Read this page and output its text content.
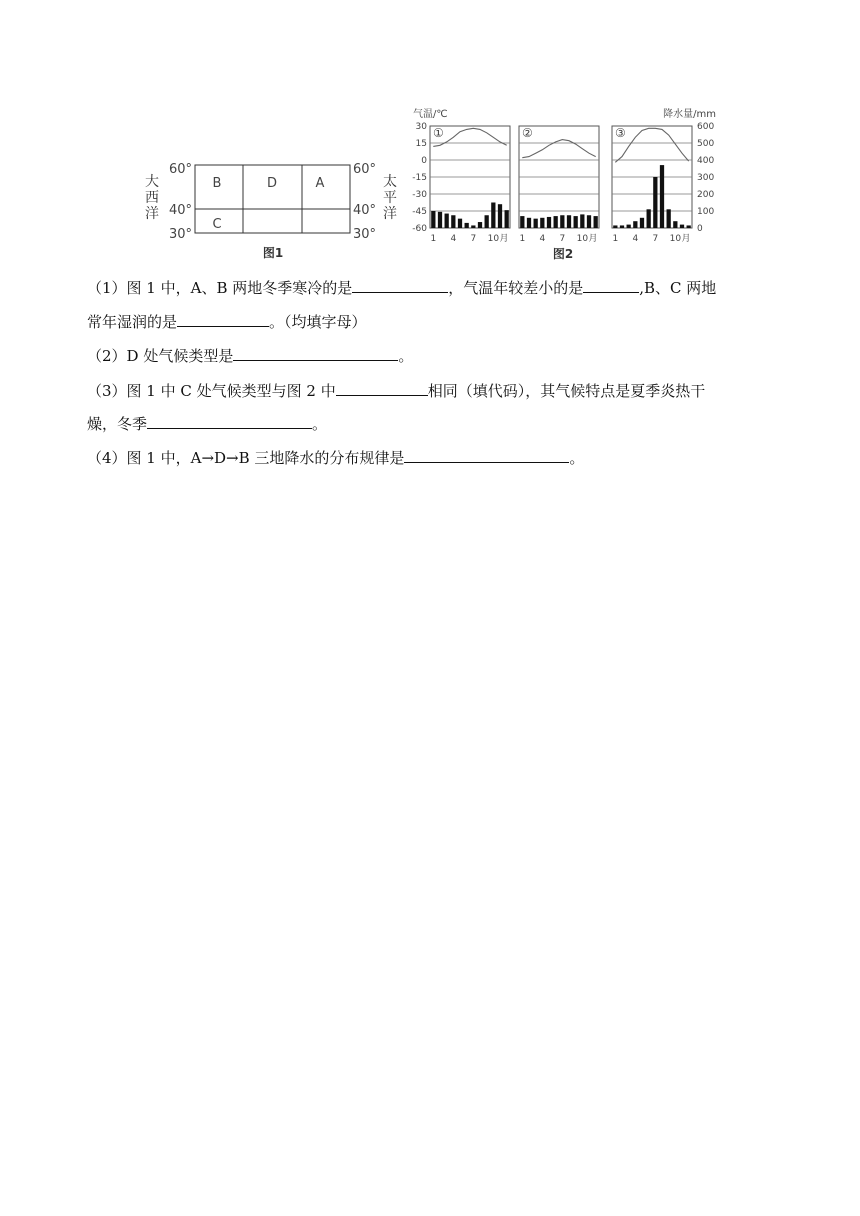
B	D	A
C
60°
40°
30°
60°
40°
30°
大
西
洋
太
平
洋
图1
气温/℃	降水量/mm
30
15
0
-15
-30
-45
-60
600
500
400
300
200
100
0
①
1 4 7 10 月
②
1 4 7 10 月
③
1 4 7 10 月
图2
（1）图 1 中，A、B 两地冬季寒冷的是	，气温年较差小的是	,B、C 两地
常年湿润的是	。（均填字母）
（2）D 处气候类型是	。
（3）图 1 中 C 处气候类型与图 2 中	相同（填代码），其气候特点是夏季炎热干
燥，冬季	。
（4）图 1 中，A→D→B 三地降水的分布规律是	。
